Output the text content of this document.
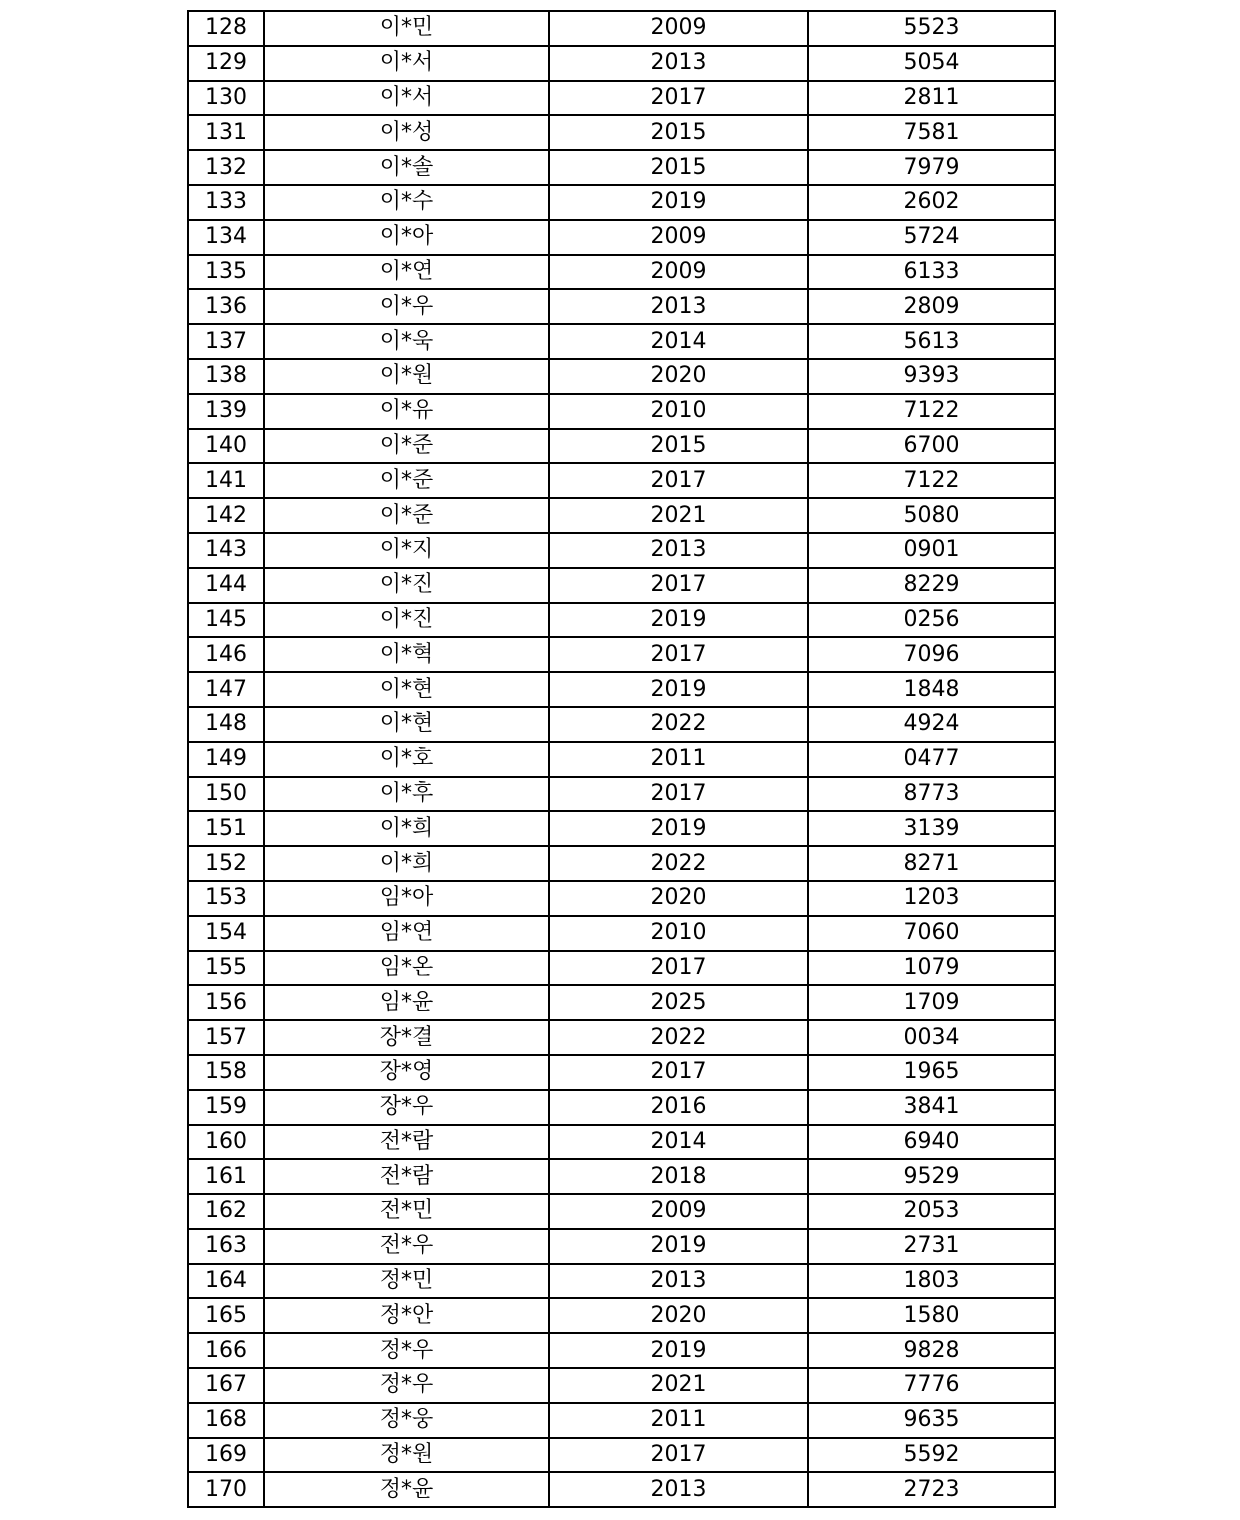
128	이*민	2009	5523
129	이*서	2013	5054
130	이*서	2017	2811
131	이*성	2015	7581
132	이*솔	2015	7979
133	이*수	2019	2602
134	이*아	2009	5724
135	이*연	2009	6133
136	이*우	2013	2809
137	이*욱	2014	5613
138	이*원	2020	9393
139	이*유	2010	7122
140	이*준	2015	6700
141	이*준	2017	7122
142	이*준	2021	5080
143	이*지	2013	0901
144	이*진	2017	8229
145	이*진	2019	0256
146	이*혁	2017	7096
147	이*현	2019	1848
148	이*현	2022	4924
149	이*호	2011	0477
150	이*후	2017	8773
151	이*희	2019	3139
152	이*희	2022	8271
153	임*아	2020	1203
154	임*연	2010	7060
155	임*온	2017	1079
156	임*윤	2025	1709
157	장*결	2022	0034
158	장*영	2017	1965
159	장*우	2016	3841
160	전*람	2014	6940
161	전*람	2018	9529
162	전*민	2009	2053
163	전*우	2019	2731
164	정*민	2013	1803
165	정*안	2020	1580
166	정*우	2019	9828
167	정*우	2021	7776
168	정*웅	2011	9635
169	정*원	2017	5592
170	정*윤	2013	2723
